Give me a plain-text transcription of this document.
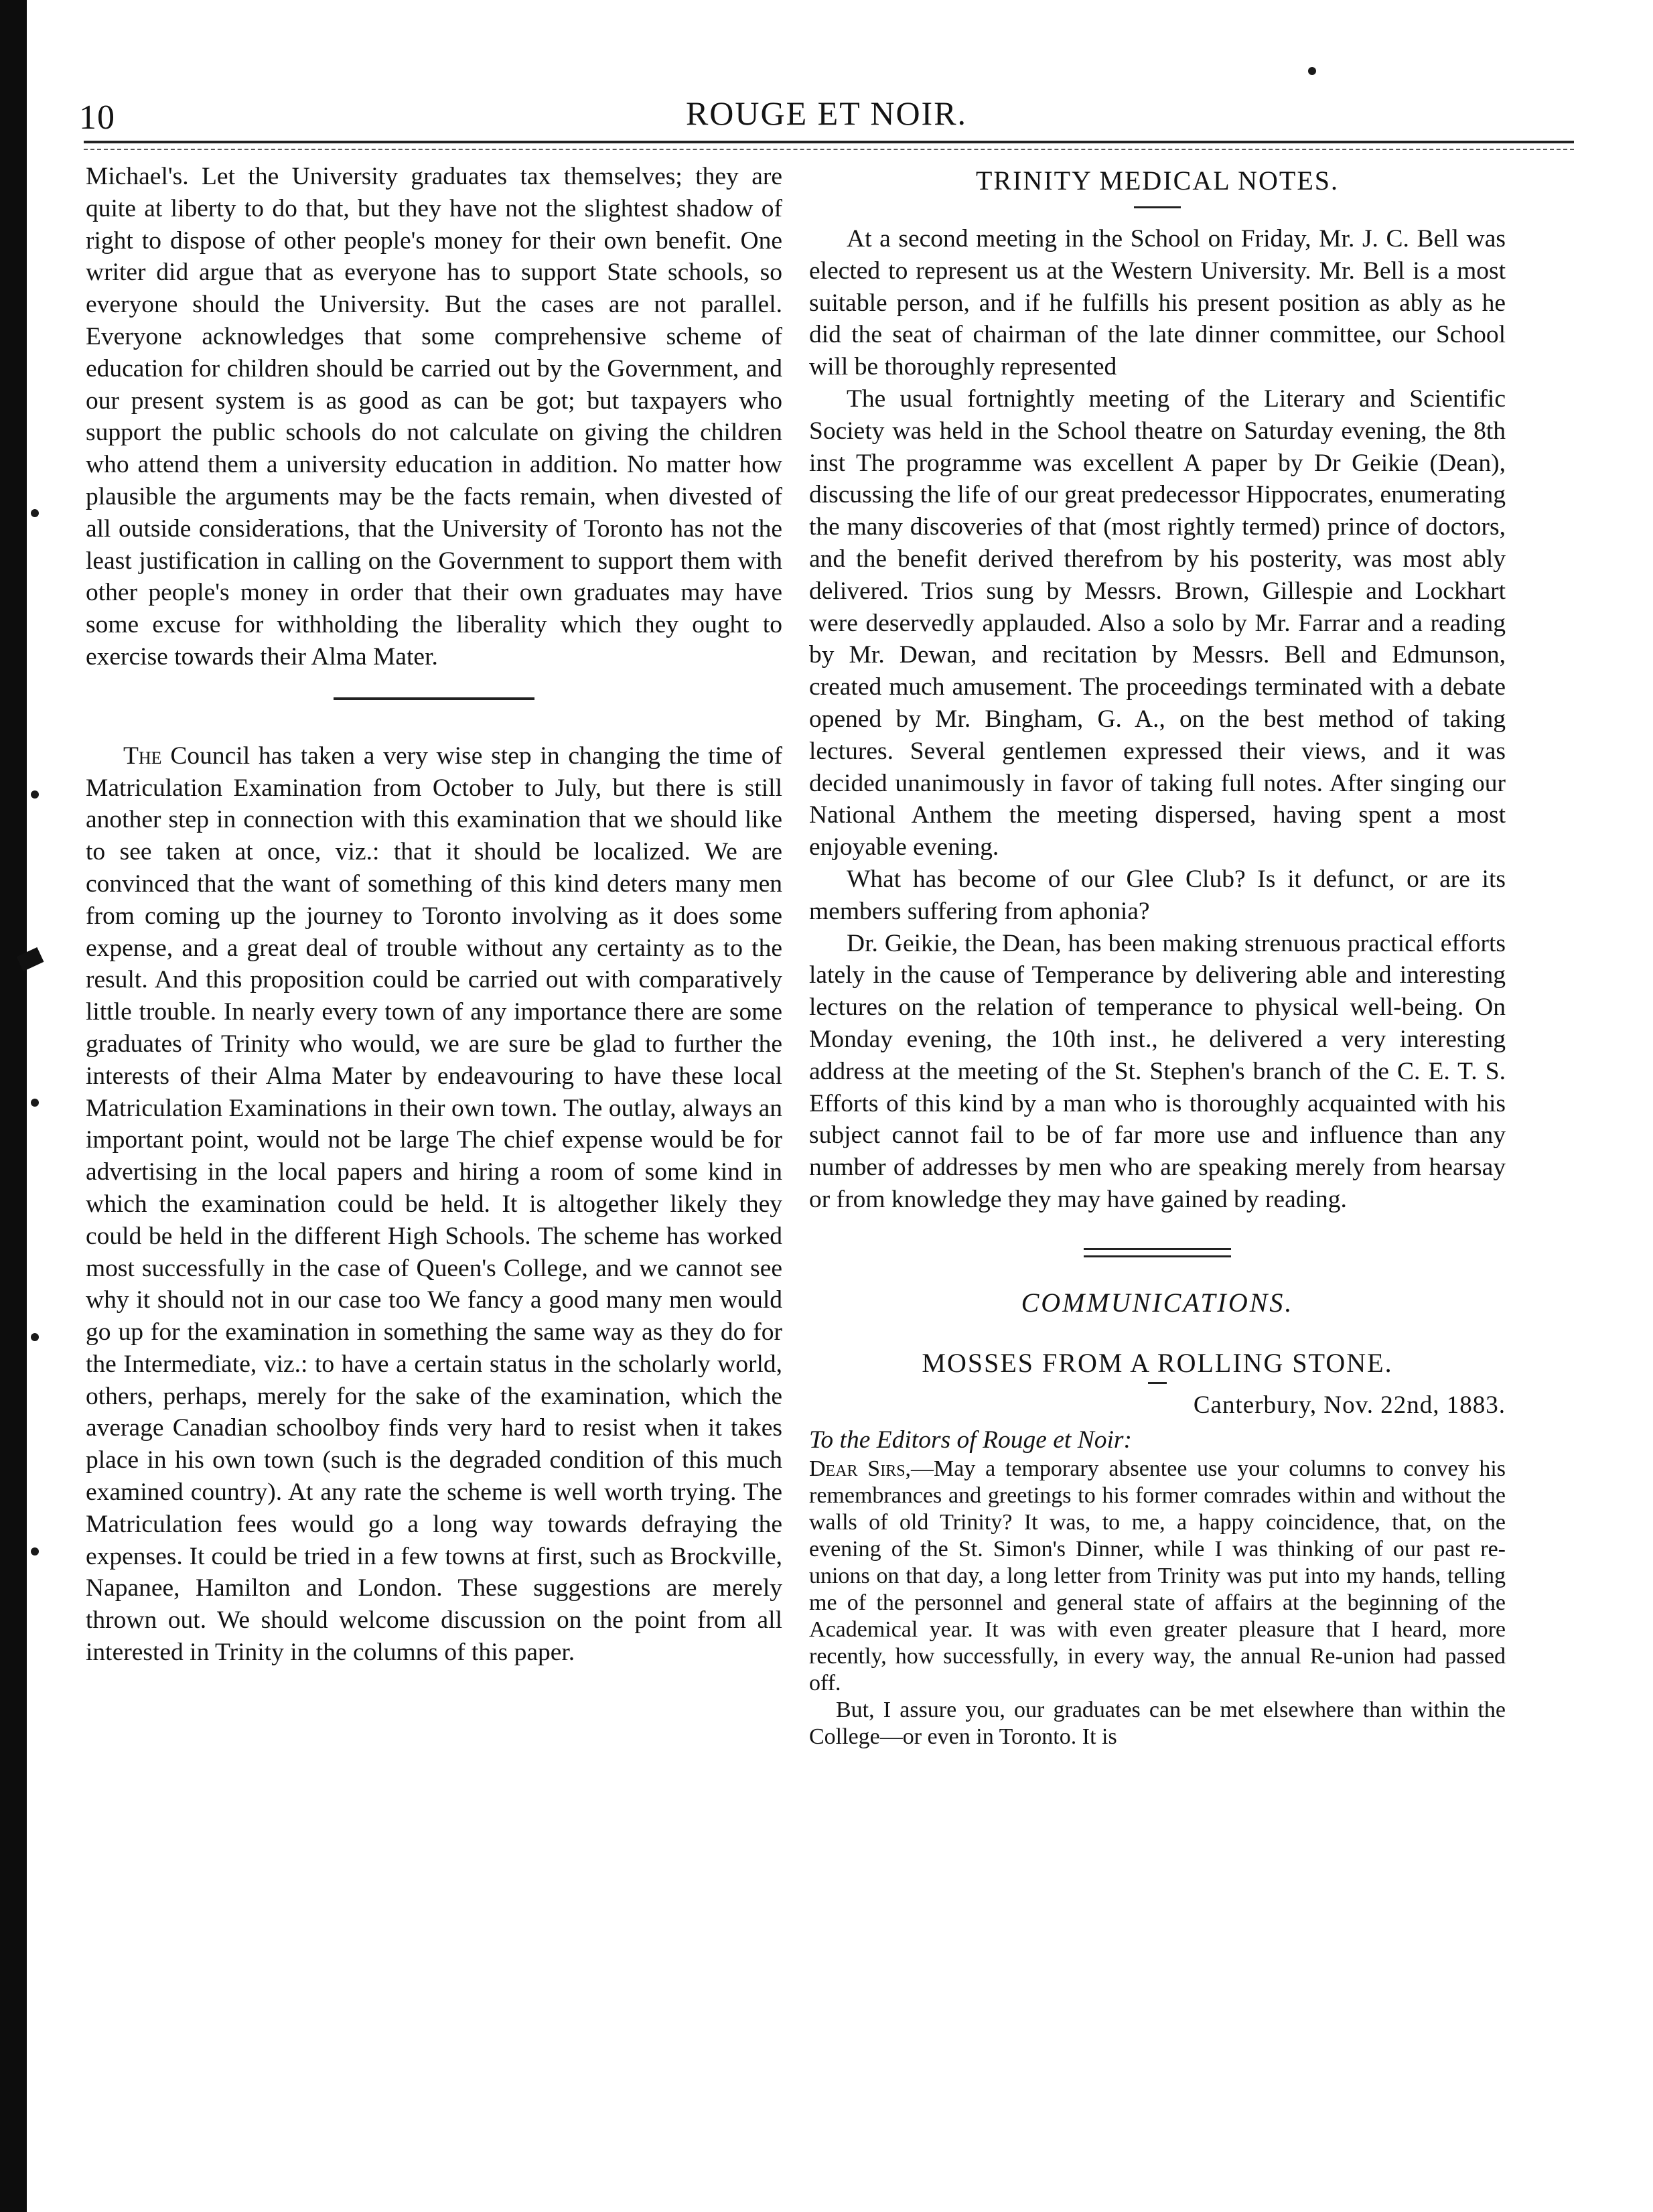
10	ROUGE ET NOIR.

Michael's. Let the University graduates tax themselves; they are quite at liberty to do that, but they have not the slightest shadow of right to dispose of other people's money for their own benefit. One writer did argue that as everyone has to support State schools, so everyone should the University. But the cases are not parallel. Everyone acknowledges that some comprehensive scheme of education for children should be carried out by the Government, and our present system is as good as can be got; but taxpayers who support the public schools do not calculate on giving the children who attend them a university education in addition. No matter how plausible the arguments may be the facts remain, when divested of all outside considerations, that the University of Toronto has not the least justification in calling on the Government to support them with other people's money in order that their own graduates may have some excuse for withholding the liberality which they ought to exercise towards their Alma Mater.

The Council has taken a very wise step in changing the time of Matriculation Examination from October to July, but there is still another step in connection with this examination that we should like to see taken at once, viz.: that it should be localized. We are convinced that the want of something of this kind deters many men from coming up the journey to Toronto involving as it does some expense, and a great deal of trouble without any certainty as to the result. And this proposition could be carried out with comparatively little trouble. In nearly every town of any importance there are some graduates of Trinity who would, we are sure be glad to further the interests of their Alma Mater by endeavouring to have these local Matriculation Examinations in their own town. The outlay, always an important point, would not be large The chief expense would be for advertising in the local papers and hiring a room of some kind in which the examination could be held. It is altogether likely they could be held in the different High Schools. The scheme has worked most successfully in the case of Queen's College, and we cannot see why it should not in our case too We fancy a good many men would go up for the examination in something the same way as they do for the Intermediate, viz.: to have a certain status in the scholarly world, others, perhaps, merely for the sake of the examination, which the average Canadian schoolboy finds very hard to resist when it takes place in his own town (such is the degraded condition of this much examined country). At any rate the scheme is well worth trying. The Matriculation fees would go a long way towards defraying the expenses. It could be tried in a few towns at first, such as Brockville, Napanee, Hamilton and London. These suggestions are merely thrown out. We should welcome discussion on the point from all interested in Trinity in the columns of this paper.

TRINITY MEDICAL NOTES.

At a second meeting in the School on Friday, Mr. J. C. Bell was elected to represent us at the Western University. Mr. Bell is a most suitable person, and if he fulfills his present position as ably as he did the seat of chairman of the late dinner committee, our School will be thoroughly represented

The usual fortnightly meeting of the Literary and Scientific Society was held in the School theatre on Saturday evening, the 8th inst The programme was excellent A paper by Dr Geikie (Dean), discussing the life of our great predecessor Hippocrates, enumerating the many discoveries of that (most rightly termed) prince of doctors, and the benefit derived therefrom by his posterity, was most ably delivered. Trios sung by Messrs. Brown, Gillespie and Lockhart were deservedly applauded. Also a solo by Mr. Farrar and a reading by Mr. Dewan, and recitation by Messrs. Bell and Edmunson, created much amusement. The proceedings terminated with a debate opened by Mr. Bingham, G. A., on the best method of taking lectures. Several gentlemen expressed their views, and it was decided unanimously in favor of taking full notes. After singing our National Anthem the meeting dispersed, having spent a most enjoyable evening.

What has become of our Glee Club? Is it defunct, or are its members suffering from aphonia?

Dr. Geikie, the Dean, has been making strenuous practical efforts lately in the cause of Temperance by delivering able and interesting lectures on the relation of temperance to physical well-being. On Monday evening, the 10th inst., he delivered a very interesting address at the meeting of the St. Stephen's branch of the C. E. T. S. Efforts of this kind by a man who is thoroughly acquainted with his subject cannot fail to be of far more use and influence than any number of addresses by men who are speaking merely from hearsay or from knowledge they may have gained by reading.

COMMUNICATIONS.
MOSSES FROM A ROLLING STONE.
Canterbury, Nov. 22nd, 1883.
To the Editors of Rouge et Noir:

Dear Sirs,—May a temporary absentee use your columns to convey his remembrances and greetings to his former comrades within and without the walls of old Trinity? It was, to me, a happy coincidence, that, on the evening of the St. Simon's Dinner, while I was thinking of our past re-unions on that day, a long letter from Trinity was put into my hands, telling me of the personnel and general state of affairs at the beginning of the Academical year. It was with even greater pleasure that I heard, more recently, how successfully, in every way, the annual Re-union had passed off.

But, I assure you, our graduates can be met elsewhere than within the College—or even in Toronto. It is
